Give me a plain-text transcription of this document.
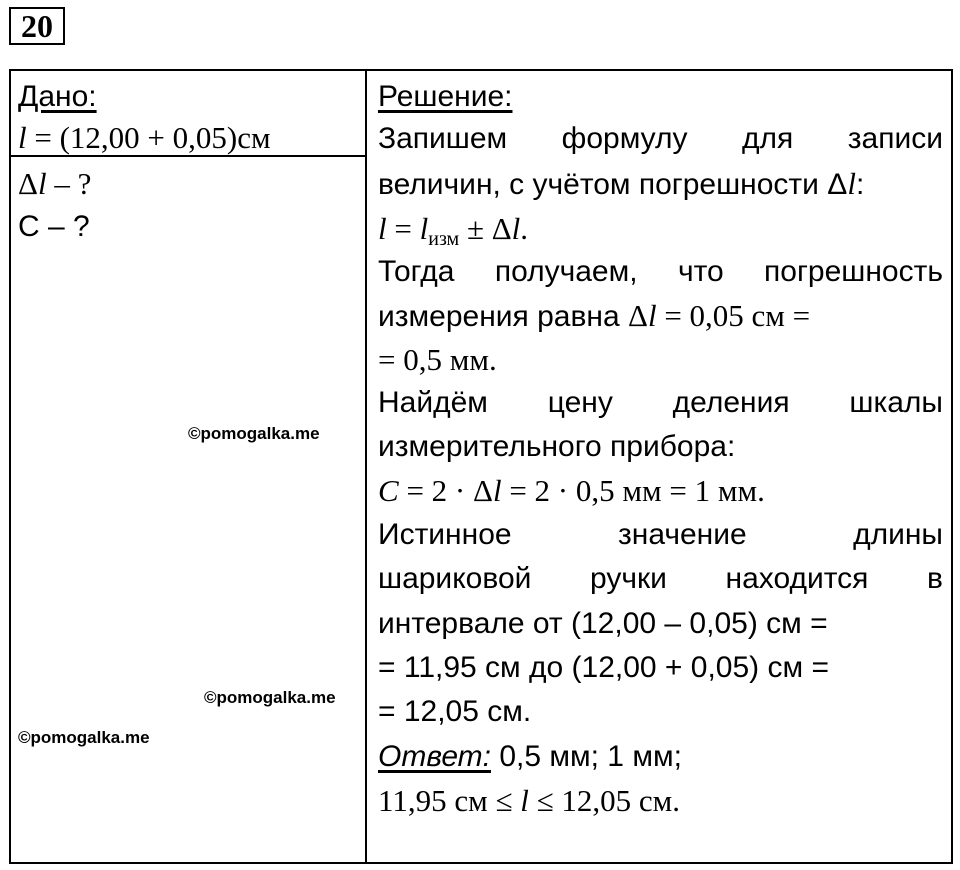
20
Дано:
l = (12,00 + 0,05)см
Δl – ?
С – ?
Решение:
Запишем формулу для записи
величин, с учётом погрешности Δl:
$l = l_{изм} \pm \Delta l$.
Тогда получаем, что погрешность
измерения равна Δl = 0,05 см =
= 0,5 мм.
Найдём цену деления шкалы
измерительного прибора:
C = 2 · Δl = 2 · 0,5 мм = 1 мм.
Истинное	значение	длины
шариковой ручки находится в
интервале от (12,00 – 0,05) см =
= 11,95 см до (12,00 + 0,05) см =
= 12,05 см.
Ответ: 0,5 мм; 1 мм;
11,95 см ≤ l ≤ 12,05 см.
©pomogalka.me
©pomogalka.me
©pomogalka.me
